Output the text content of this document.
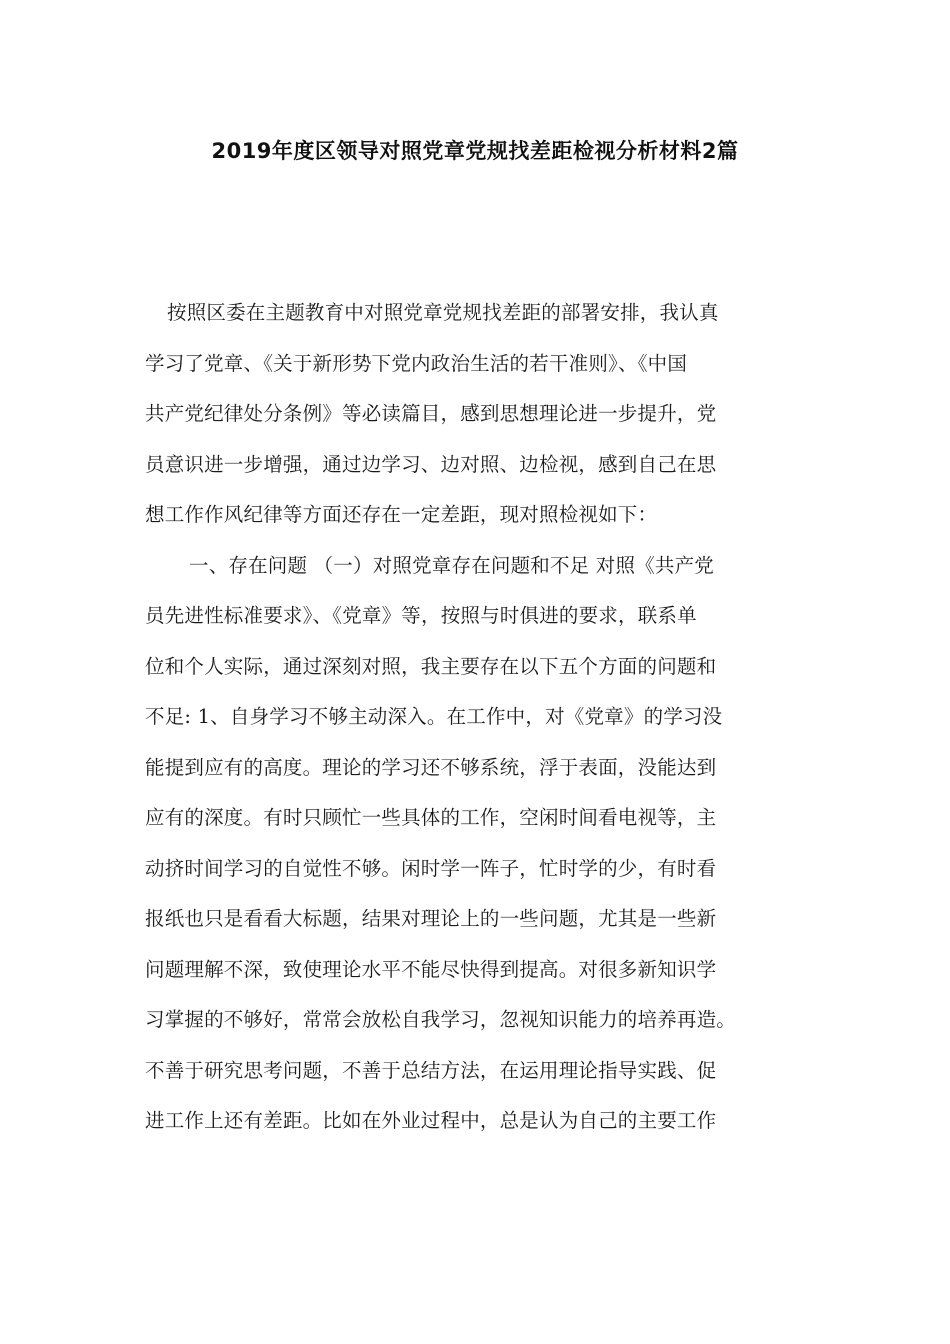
2019年度区领导对照党章党规找差距检视分析材料2篇
按照区委在主题教育中对照党章党规找差距的部署安排，我认真
学习了党章、《关于新形势下党内政治生活的若干准则》、《中国
共产党纪律处分条例》等必读篇目，感到思想理论进一步提升，党
员意识进一步增强，通过边学习、边对照、边检视，感到自己在思
想工作作风纪律等方面还存在一定差距，现对照检视如下：
一、存在问题 （一）对照党章存在问题和不足 对照《共产党
员先进性标准要求》、《党章》等，按照与时俱进的要求，联系单
位和个人实际，通过深刻对照，我主要存在以下五个方面的问题和
不足: 1、自身学习不够主动深入。在工作中，对《党章》的学习没
能提到应有的高度。理论的学习还不够系统，浮于表面，没能达到
应有的深度。有时只顾忙一些具体的工作，空闲时间看电视等，主
动挤时间学习的自觉性不够。闲时学一阵子，忙时学的少，有时看
报纸也只是看看大标题，结果对理论上的一些问题，尤其是一些新
问题理解不深，致使理论水平不能尽快得到提高。对很多新知识学
习掌握的不够好，常常会放松自我学习，忽视知识能力的培养再造。
不善于研究思考问题，不善于总结方法，在运用理论指导实践、促
进工作上还有差距。比如在外业过程中，总是认为自己的主要工作
